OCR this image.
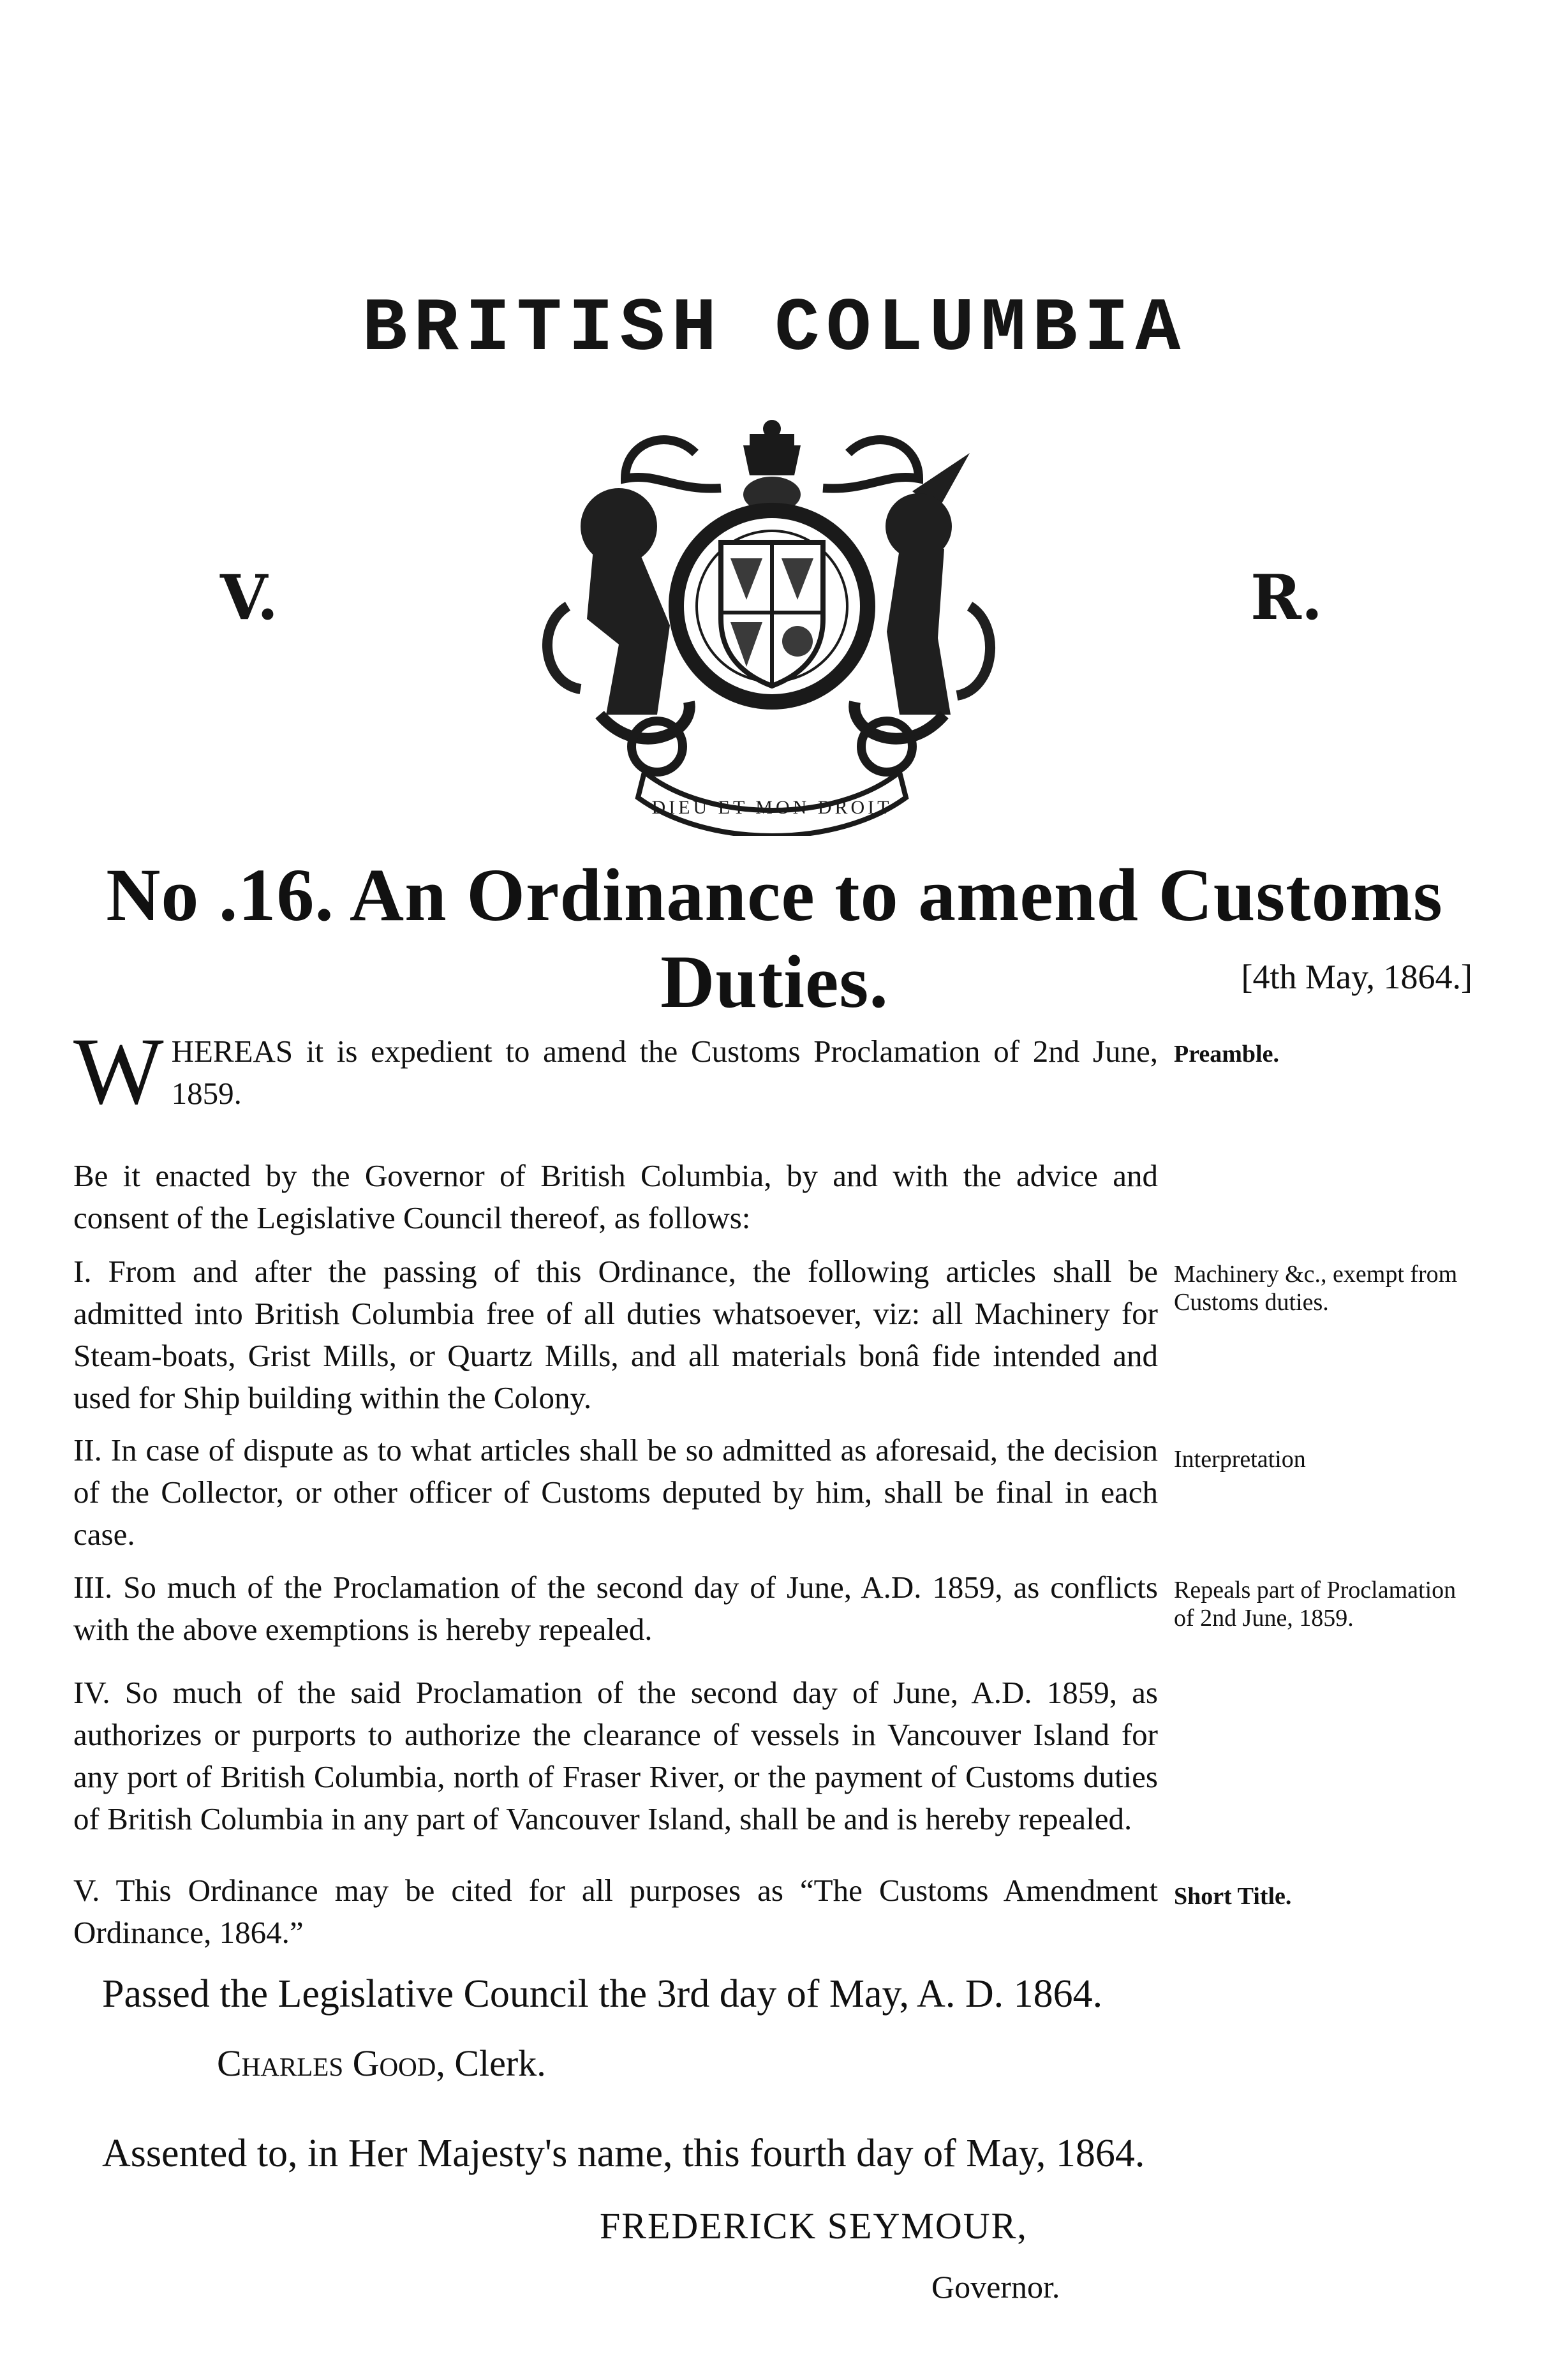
BRITISH COLUMBIA
V.	R.
DIEU ET MON DROIT
No .16. An Ordinance to amend Customs Duties.	[4th May, 1864.]

WHEREAS it is expedient to amend the Customs Proclamation of 2nd June, 1859.

Preamble.

Be it enacted by the Governor of British Columbia, by and with the advice and consent of the Legislative Council thereof, as follows:

I. From and after the passing of this Ordinance, the following articles shall be admitted into British Columbia free of all duties whatsoever, viz: all Machinery for Steam-boats, Grist Mills, or Quartz Mills, and all materials bonâ fide intended and used for Ship building within the Colony.

Machinery &c., exempt from Customs duties.

II. In case of dispute as to what articles shall be so admitted as aforesaid, the decision of the Collector, or other officer of Customs deputed by him, shall be final in each case.

Interpretation

III. So much of the Proclamation of the second day of June, A.D. 1859, as conflicts with the above exemptions is hereby repealed.

Repeals part of Proclamation of 2nd June, 1859.

IV. So much of the said Proclamation of the second day of June, A.D. 1859, as authorizes or purports to authorize the clearance of vessels in Vancouver Island for any port of British Columbia, north of Fraser River, or the payment of Customs duties of British Columbia in any part of Vancouver Island, shall be and is hereby repealed.

V. This Ordinance may be cited for all purposes as “The Customs Amendment Ordinance, 1864.”

Short Title.
Passed the Legislative Council the 3rd day of May, A. D. 1864.
Charles Good, Clerk.
Assented to, in Her Majesty's name, this fourth day of May, 1864.
FREDERICK SEYMOUR,
Governor.
